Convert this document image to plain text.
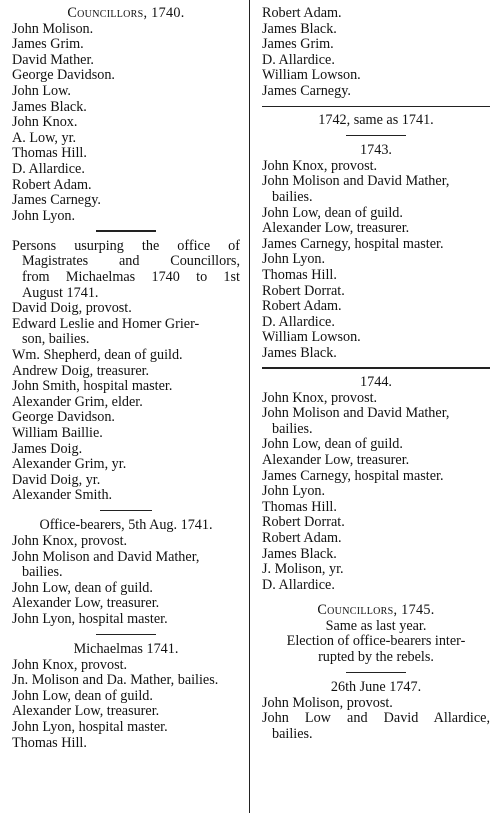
Councillors, 1740.
John Molison.
James Grim.
David Mather.
George Davidson.
John Low.
James Black.
John Knox.
A. Low, yr.
Thomas Hill.
D. Allardice.
Robert Adam.
James Carnegy.
John Lyon.
Persons usurping the office of
Magistrates and Councillors,
from Michaelmas 1740 to 1st
August 1741.
David Doig, provost.
Edward Leslie and Homer Grier-
son, bailies.
Wm. Shepherd, dean of guild.
Andrew Doig, treasurer.
John Smith, hospital master.
Alexander Grim, elder.
George Davidson.
William Baillie.
James Doig.
Alexander Grim, yr.
David Doig, yr.
Alexander Smith.
Office-bearers, 5th Aug. 1741.
John Knox, provost.
John Molison and David Mather,
bailies.
John Low, dean of guild.
Alexander Low, treasurer.
John Lyon, hospital master.
Michaelmas 1741.
John Knox, provost.
Jn. Molison and Da. Mather, bailies.
John Low, dean of guild.
Alexander Low, treasurer.
John Lyon, hospital master.
Thomas Hill.
Robert Adam.
James Black.
James Grim.
D. Allardice.
William Lowson.
James Carnegy.
1742, same as 1741.
1743.
John Knox, provost.
John Molison and David Mather,
bailies.
John Low, dean of guild.
Alexander Low, treasurer.
James Carnegy, hospital master.
John Lyon.
Thomas Hill.
Robert Dorrat.
Robert Adam.
D. Allardice.
William Lowson.
James Black.
1744.
John Knox, provost.
John Molison and David Mather,
bailies.
John Low, dean of guild.
Alexander Low, treasurer.
James Carnegy, hospital master.
John Lyon.
Thomas Hill.
Robert Dorrat.
Robert Adam.
James Black.
J. Molison, yr.
D. Allardice.
Councillors, 1745.
Same as last year.
Election of office-bearers inter-
rupted by the rebels.
26th June 1747.
John Molison, provost.
John Low and David Allardice,
bailies.
